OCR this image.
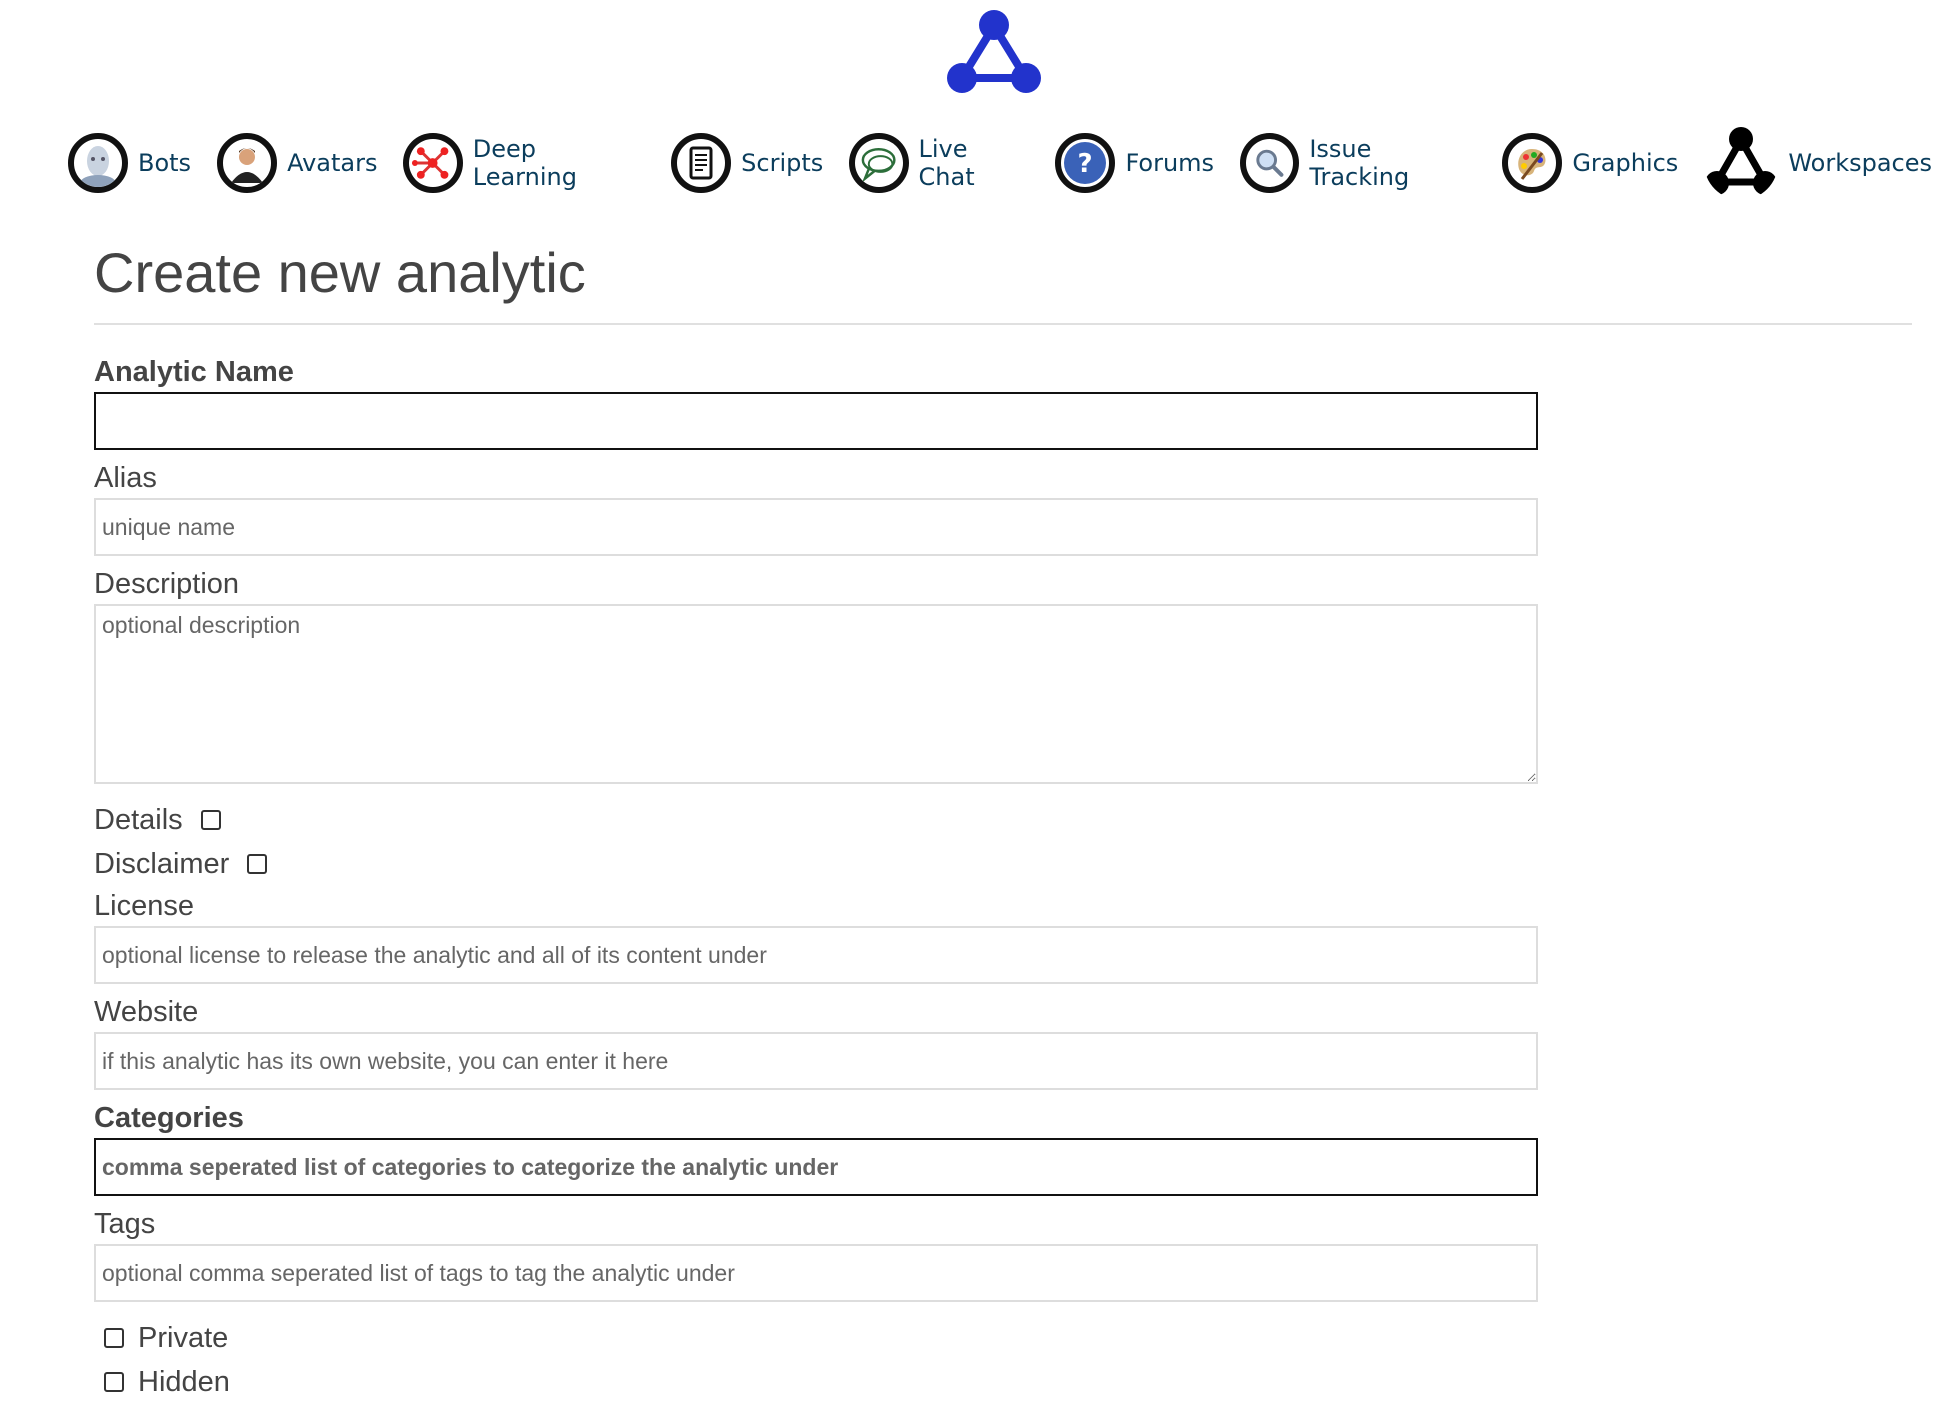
Bots	Avatars	Deep Learning	Scripts	Live Chat	? Forums	Issue Tracking	Graphics	Workspaces
Create new analytic
Analytic Name
Alias
unique name
Description
optional description
Details
Disclaimer
License
optional license to release the analytic and all of its content under
Website
if this analytic has its own website, you can enter it here
Categories
comma seperated list of categories to categorize the analytic under
Tags
optional comma seperated list of tags to tag the analytic under
Private
Hidden
